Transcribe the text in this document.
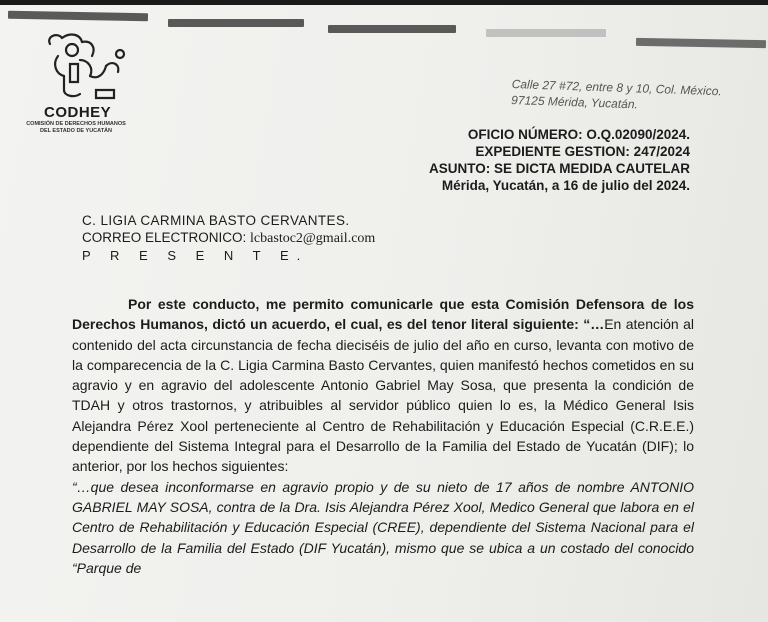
CODHEY
COMISIÓN DE DERECHOS HUMANOS
DEL ESTADO DE YUCATÁN
Calle 27 #72, entre 8 y 10, Col. México.
97125 Mérida, Yucatán.
OFICIO NÚMERO: O.Q.02090/2024.
EXPEDIENTE GESTION: 247/2024
ASUNTO: SE DICTA MEDIDA CAUTELAR
Mérida, Yucatán, a 16 de julio del 2024.
C. LIGIA CARMINA BASTO CERVANTES.
CORREO ELECTRONICO: lcbastoc2@gmail.com
P R E S E N T E.

Por este conducto, me permito comunicarle que esta Comisión Defensora de los Derechos Humanos, dictó un acuerdo, el cual, es del tenor literal siguiente: “…En atención al contenido del acta circunstancia de fecha dieciséis de julio del año en curso, levanta con motivo de la comparecencia de la C. Ligia Carmina Basto Cervantes, quien manifestó hechos cometidos en su agravio y en agravio del adolescente Antonio Gabriel May Sosa, que presenta la condición de TDAH y otros trastornos, y atribuibles al servidor público quien lo es, la Médico General Isis Alejandra Pérez Xool perteneciente al Centro de Rehabilitación y Educación Especial (C.R.E.E.) dependiente del Sistema Integral para el Desarrollo de la Familia del Estado de Yucatán (DIF); lo anterior, por los hechos siguientes:

“…que desea inconformarse en agravio propio y de su nieto de 17 años de nombre ANTONIO GABRIEL MAY SOSA, contra de la Dra. Isis Alejandra Pérez Xool, Medico General que labora en el Centro de Rehabilitación y Educación Especial (CREE), dependiente del Sistema Nacional para el Desarrollo de la Familia del Estado (DIF Yucatán), mismo que se ubica a un costado del conocido “Parque de
